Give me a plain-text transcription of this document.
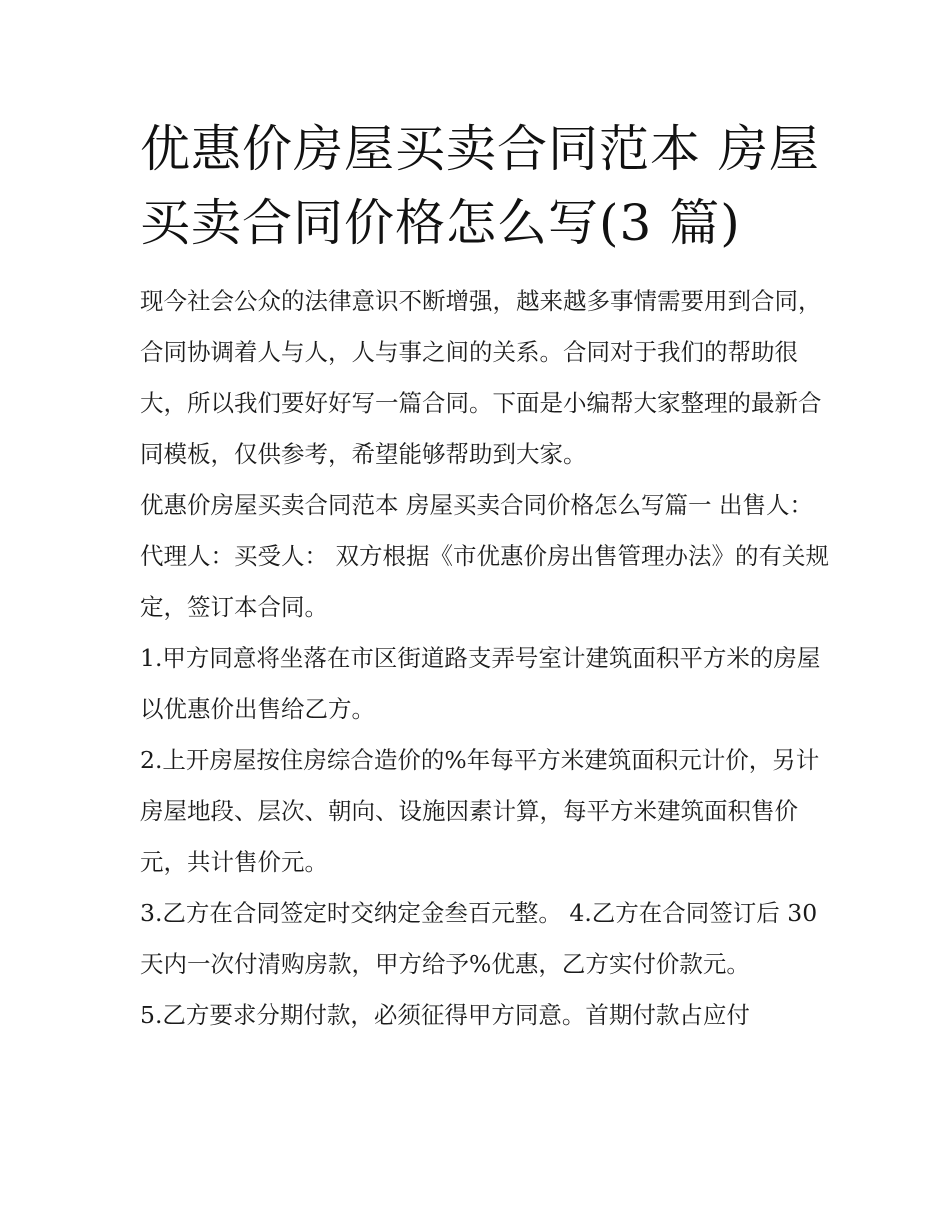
优惠价房屋买卖合同范本 房屋买卖合同价格怎么写(3 篇)

现今社会公众的法律意识不断增强，越来越多事情需要用到合同，合同协调着人与人，人与事之间的关系。合同对于我们的帮助很大，所以我们要好好写一篇合同。下面是小编帮大家整理的最新合同模板，仅供参考，希望能够帮助到大家。

优惠价房屋买卖合同范本 房屋买卖合同价格怎么写篇一 出售人：代理人：买受人： 双方根据《市优惠价房出售管理办法》的有关规定，签订本合同。

1.甲方同意将坐落在市区街道路支弄号室计建筑面积平方米的房屋以优惠价出售给乙方。

2.上开房屋按住房综合造价的%年每平方米建筑面积元计价，另计房屋地段、层次、朝向、设施因素计算，每平方米建筑面积售价元，共计售价元。

3.乙方在合同签定时交纳定金叁百元整。 4.乙方在合同签订后 30 天内一次付清购房款，甲方给予%优惠，乙方实付价款元。

5.乙方要求分期付款，必须征得甲方同意。首期付款占应付
